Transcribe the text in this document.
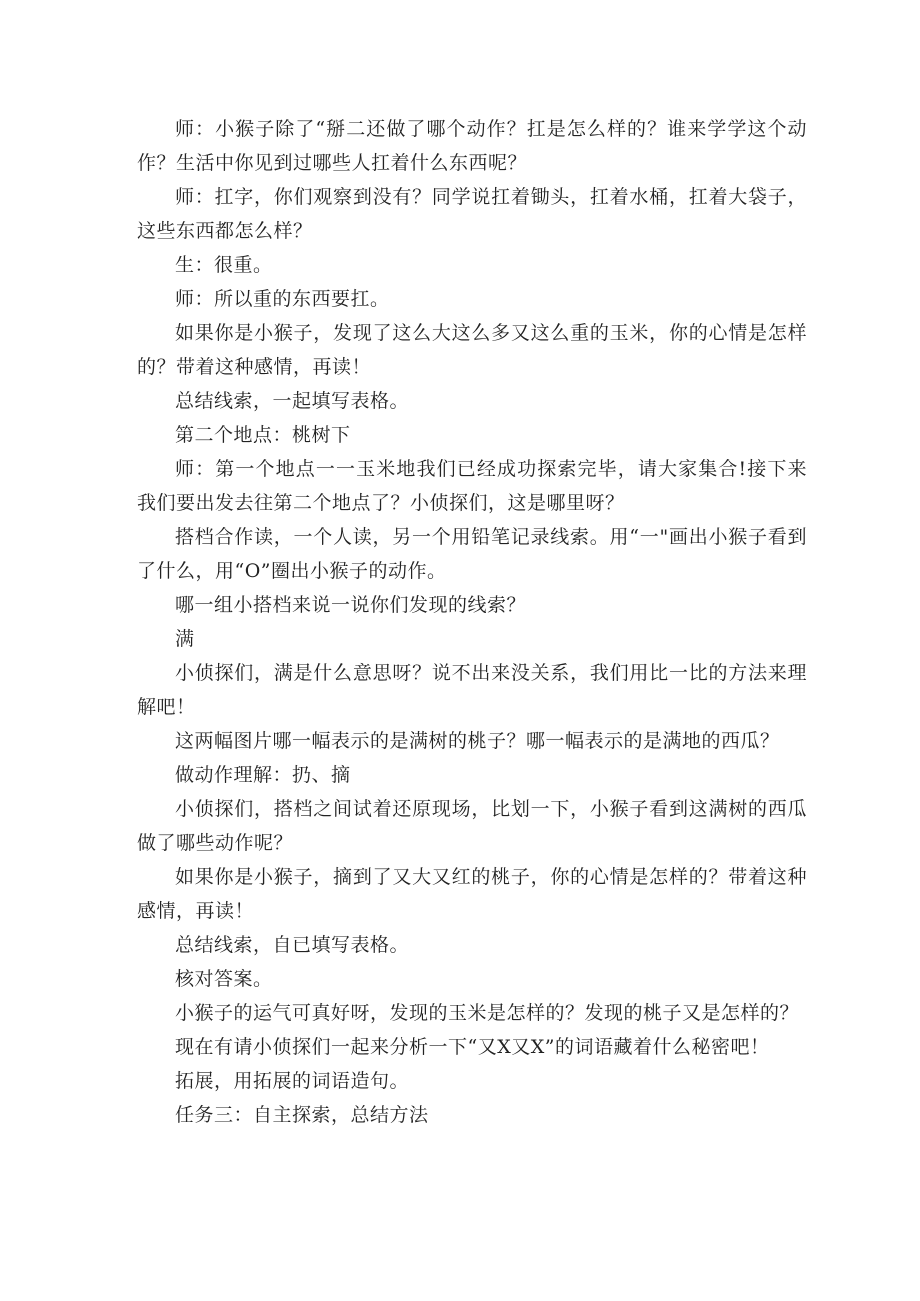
师：小猴子除了“掰二还做了哪个动作？扛是怎么样的？谁来学学这个动作？生活中你见到过哪些人扛着什么东西呢？

师：扛字，你们观察到没有？同学说扛着锄头，扛着水桶，扛着大袋子，这些东西都怎么样？

生：很重。

师：所以重的东西要扛。

如果你是小猴子，发现了这么大这么多又这么重的玉米，你的心情是怎样的？带着这种感情，再读！

总结线索，一起填写表格。

第二个地点：桃树下

师：第一个地点一一玉米地我们已经成功探索完毕，请大家集合!接下来我们要出发去往第二个地点了？小侦探们，这是哪里呀？

搭档合作读，一个人读，另一个用铅笔记录线索。用“一"画出小猴子看到了什么，用“O”圈出小猴子的动作。

哪一组小搭档来说一说你们发现的线索？

满

小侦探们，满是什么意思呀？说不出来没关系，我们用比一比的方法来理解吧！

这两幅图片哪一幅表示的是满树的桃子？哪一幅表示的是满地的西瓜？

做动作理解：扔、摘

小侦探们，搭档之间试着还原现场，比划一下，小猴子看到这满树的西瓜做了哪些动作呢？

如果你是小猴子，摘到了又大又红的桃子，你的心情是怎样的？带着这种感情，再读！

总结线索，自已填写表格。

核对答案。

小猴子的运气可真好呀，发现的玉米是怎样的？发现的桃子又是怎样的？

现在有请小侦探们一起来分析一下“又X又X”的词语藏着什么秘密吧！

拓展，用拓展的词语造句。

任务三：自主探索，总结方法
